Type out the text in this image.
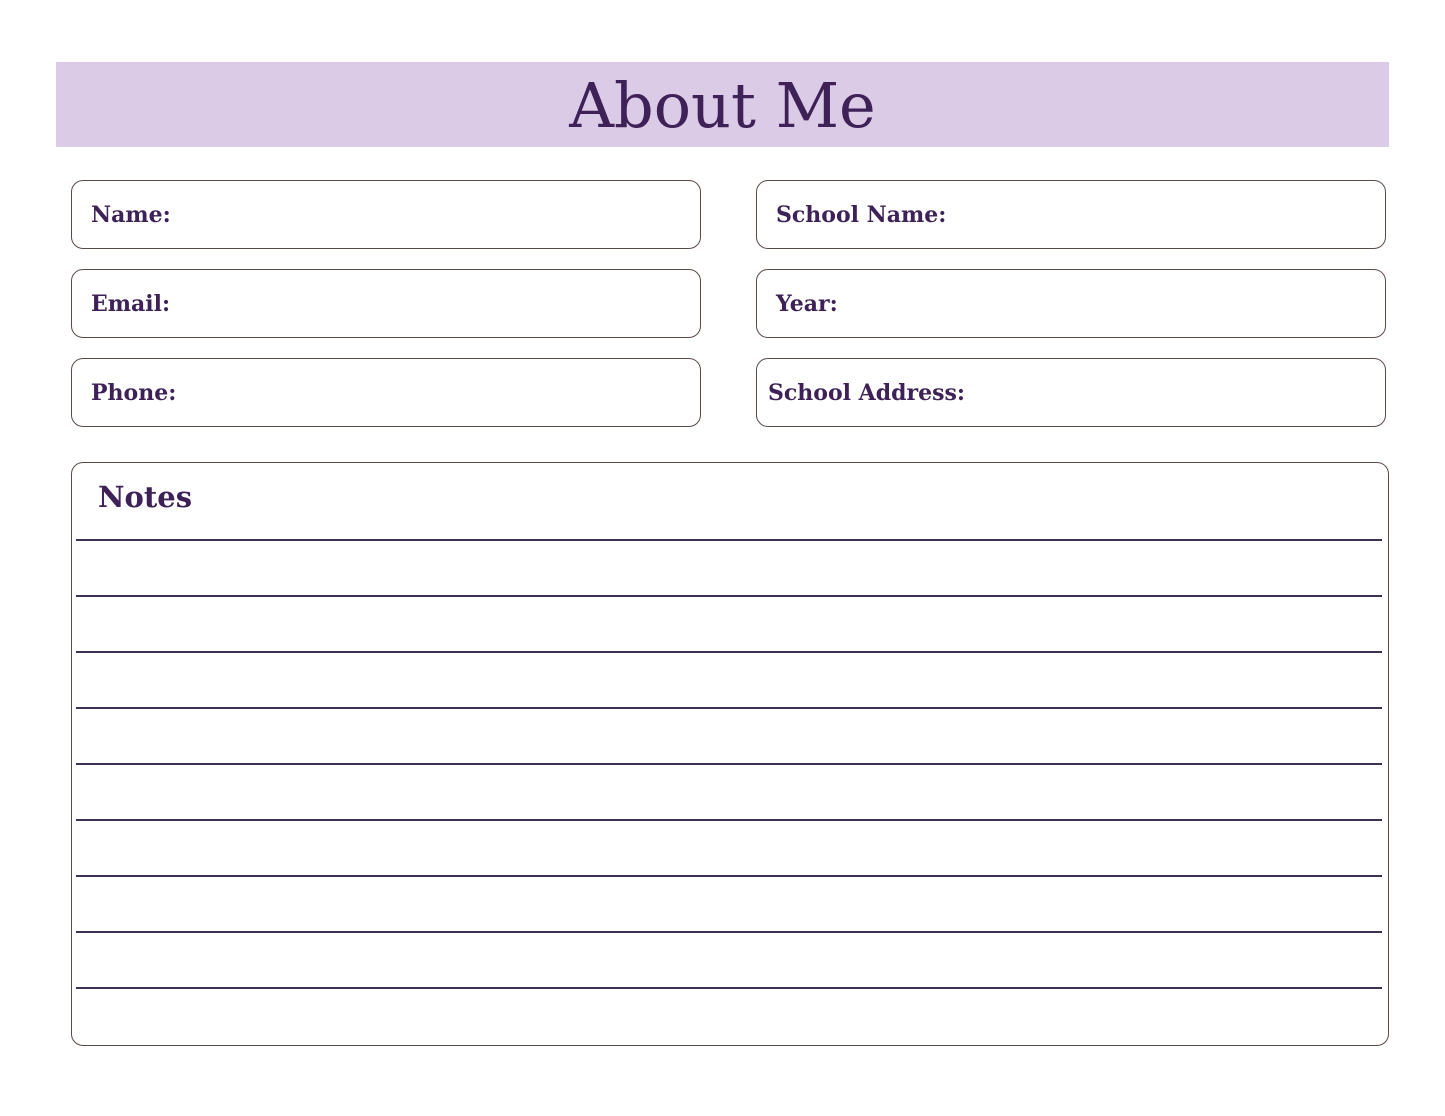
About Me
Name:
Email:
Phone:
School Name:
Year:
School Address:
Notes
